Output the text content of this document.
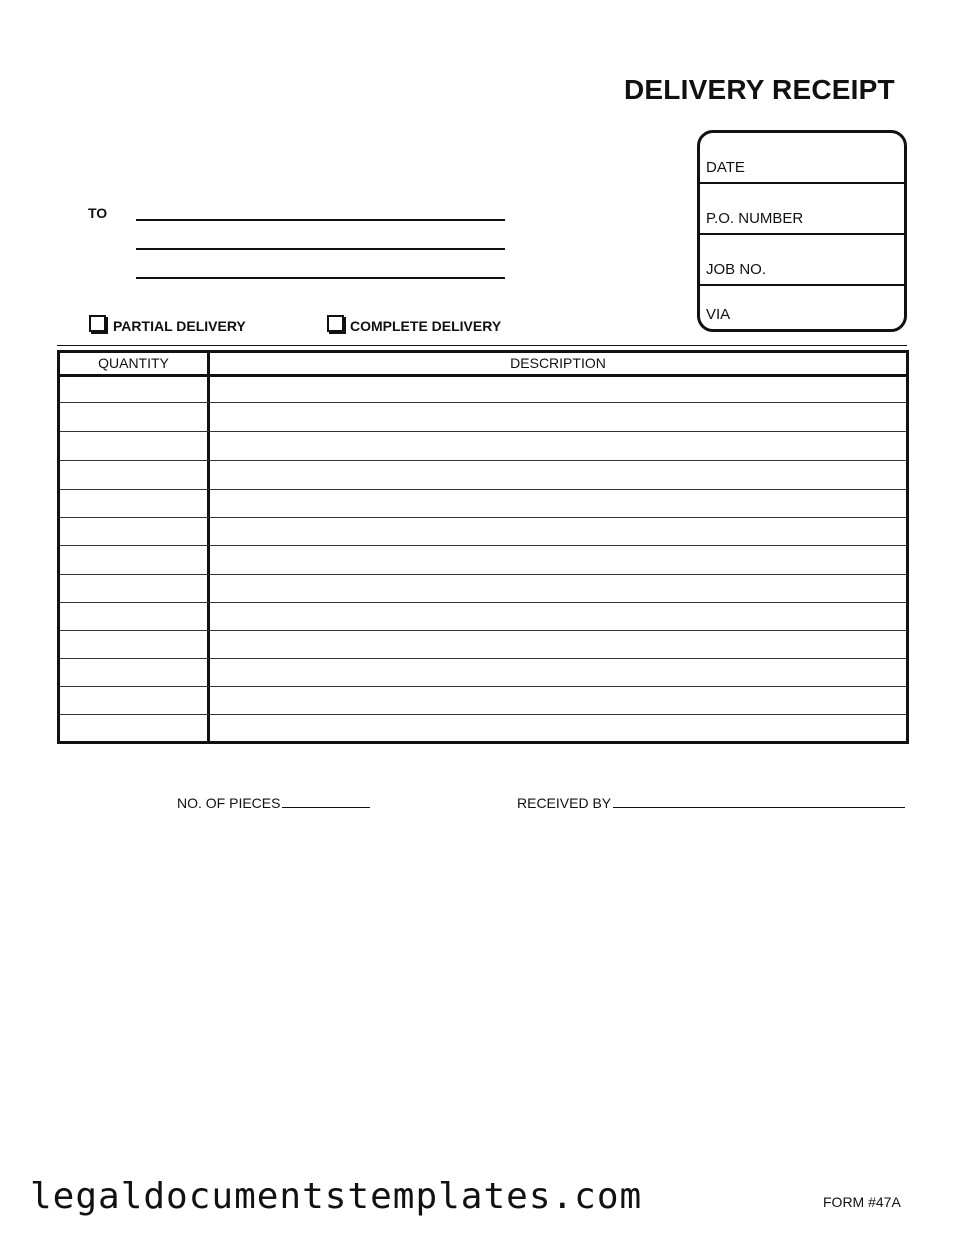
DELIVERY RECEIPT
DATE
P.O. NUMBER
JOB NO.
VIA
TO
PARTIAL DELIVERY	COMPLETE DELIVERY
QUANTITY	DESCRIPTION
NO. OF PIECES	RECEIVED BY
legaldocumentstemplates.com	FORM #47A
